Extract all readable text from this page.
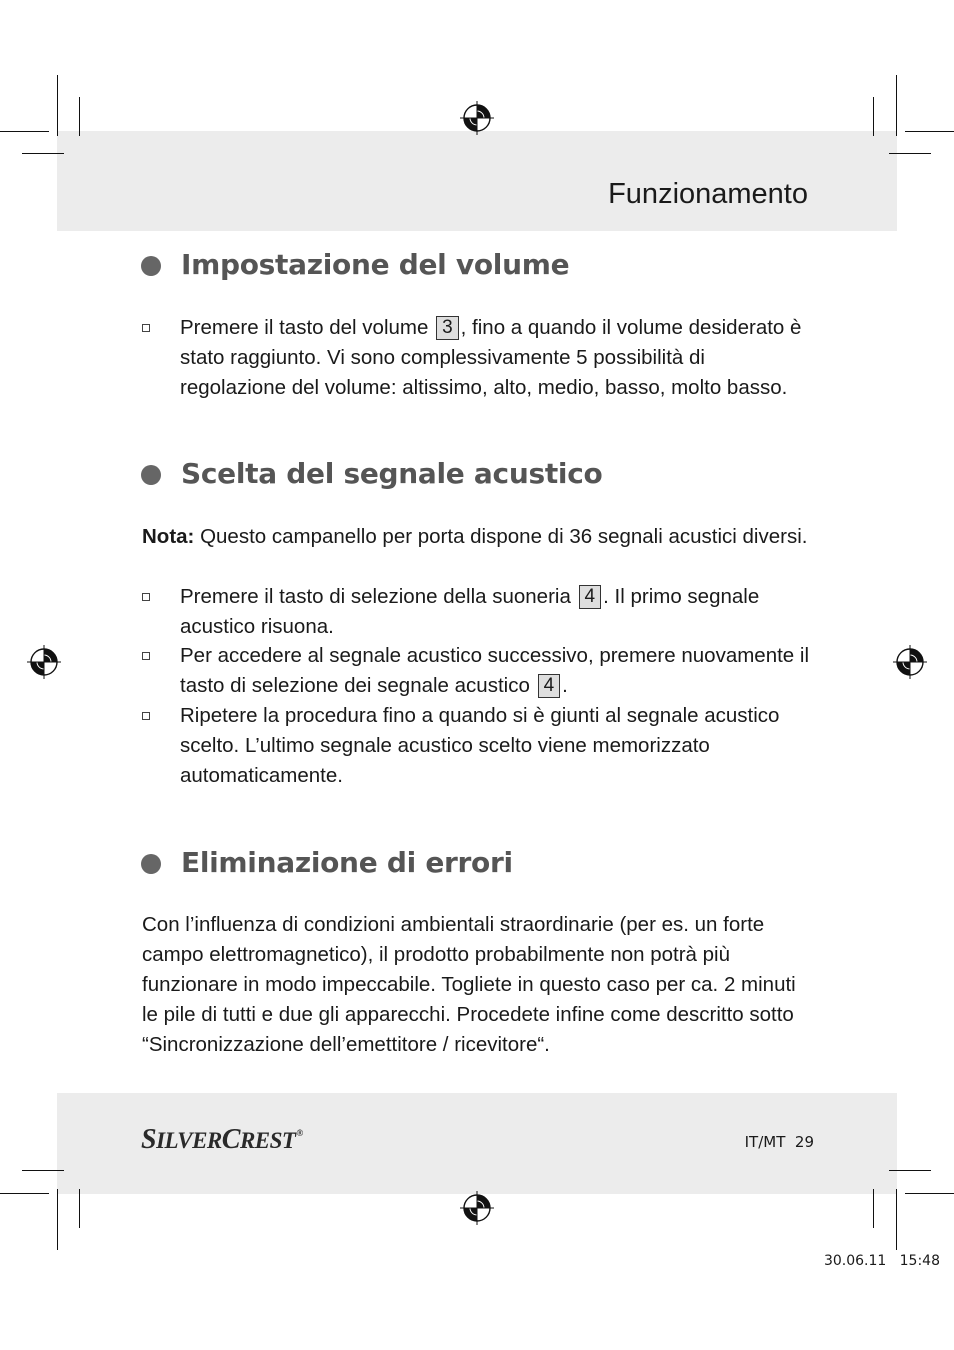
Funzionamento
Impostazione del volume
Premere il tasto del volume 3 , fino a quando il volume desiderato è stato raggiunto. Vi sono complessivamente 5 possibilità di regolazione del volume: altissimo, alto, medio, basso, molto basso.
Scelta del segnale acustico

Nota: Questo campanello per porta dispone di 36 segnali acustici diversi.

Premere il tasto di selezione della suoneria 4 . Il primo segnale acustico risuona.
Per accedere al segnale acustico successivo, premere nuovamente il tasto di selezione dei segnale acustico 4 .
Ripetere la procedura fino a quando si è giunti al segnale acustico scelto. L’ultimo segnale acustico scelto viene memorizzato automaticamente.
Eliminazione di errori

Con l’influenza di condizioni ambientali straordinarie (per es. un forte campo elettromagnetico), il prodotto probabilmente non potrà più funzionare in modo impeccabile. Togliete in questo caso per ca. 2 minuti le pile di tutti e due gli apparecchi. Procedete infine come descritto sotto “Sincronizzazione dell’emettitore / ricevitore“.

SILVERCREST®	IT/MT 29
30.06.11   15:48
